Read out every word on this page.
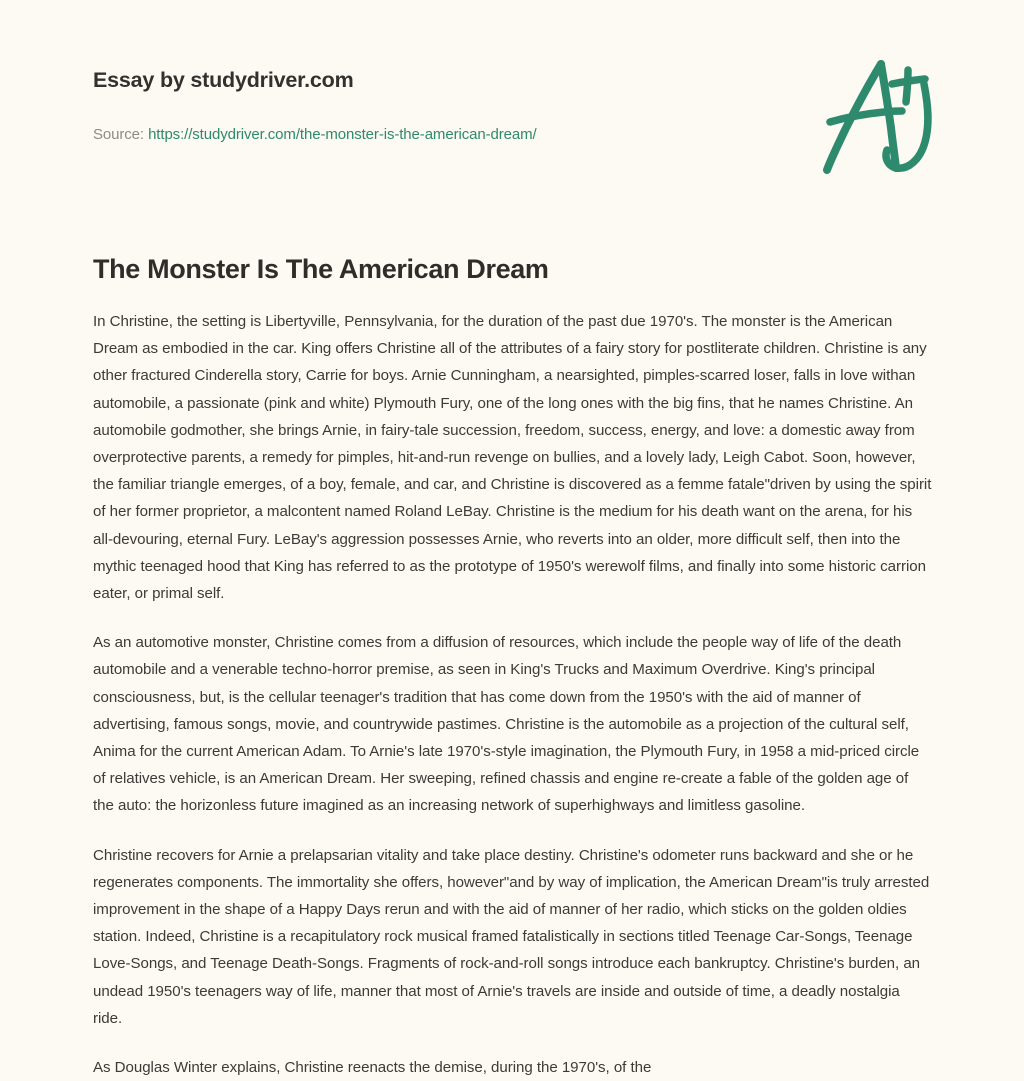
Essay by studydriver.com
Source: https://studydriver.com/the-monster-is-the-american-dream/
The Monster Is The American Dream

In Christine, the setting is Libertyville, Pennsylvania, for the duration of the past due 1970's. The monster is the American Dream as embodied in the car. King offers Christine all of the attributes of a fairy story for postliterate children. Christine is any other fractured Cinderella story, Carrie for boys. Arnie Cunningham, a nearsighted, pimples-scarred loser, falls in love withan automobile, a passionate (pink and white) Plymouth Fury, one of the long ones with the big fins, that he names Christine. An automobile godmother, she brings Arnie, in fairy-tale succession, freedom, success, energy, and love: a domestic away from overprotective parents, a remedy for pimples, hit-and-run revenge on bullies, and a lovely lady, Leigh Cabot. Soon, however, the familiar triangle emerges, of a boy, female, and car, and Christine is discovered as a femme fatale"driven by using the spirit of her former proprietor, a malcontent named Roland LeBay. Christine is the medium for his death want on the arena, for his all-devouring, eternal Fury. LeBay's aggression possesses Arnie, who reverts into an older, more difficult self, then into the mythic teenaged hood that King has referred to as the prototype of 1950's werewolf films, and finally into some historic carrion eater, or primal self.

As an automotive monster, Christine comes from a diffusion of resources, which include the people way of life of the death automobile and a venerable techno-horror premise, as seen in King's Trucks and Maximum Overdrive. King's principal consciousness, but, is the cellular teenager's tradition that has come down from the 1950's with the aid of manner of advertising, famous songs, movie, and countrywide pastimes. Christine is the automobile as a projection of the cultural self, Anima for the current American Adam. To Arnie's late 1970's-style imagination, the Plymouth Fury, in 1958 a mid-priced circle of relatives vehicle, is an American Dream. Her sweeping, refined chassis and engine re-create a fable of the golden age of the auto: the horizonless future imagined as an increasing network of superhighways and limitless gasoline.

Christine recovers for Arnie a prelapsarian vitality and take place destiny. Christine's odometer runs backward and she or he regenerates components. The immortality she offers, however"and by way of implication, the American Dream"is truly arrested improvement in the shape of a Happy Days rerun and with the aid of manner of her radio, which sticks on the golden oldies station. Indeed, Christine is a recapitulatory rock musical framed fatalistically in sections titled Teenage Car-Songs, Teenage Love-Songs, and Teenage Death-Songs. Fragments of rock-and-roll songs introduce each bankruptcy. Christine's burden, an undead 1950's teenagers way of life, manner that most of Arnie's travels are inside and outside of time, a deadly nostalgia ride.

As Douglas Winter explains, Christine reenacts the demise, during the 1970's, of the
